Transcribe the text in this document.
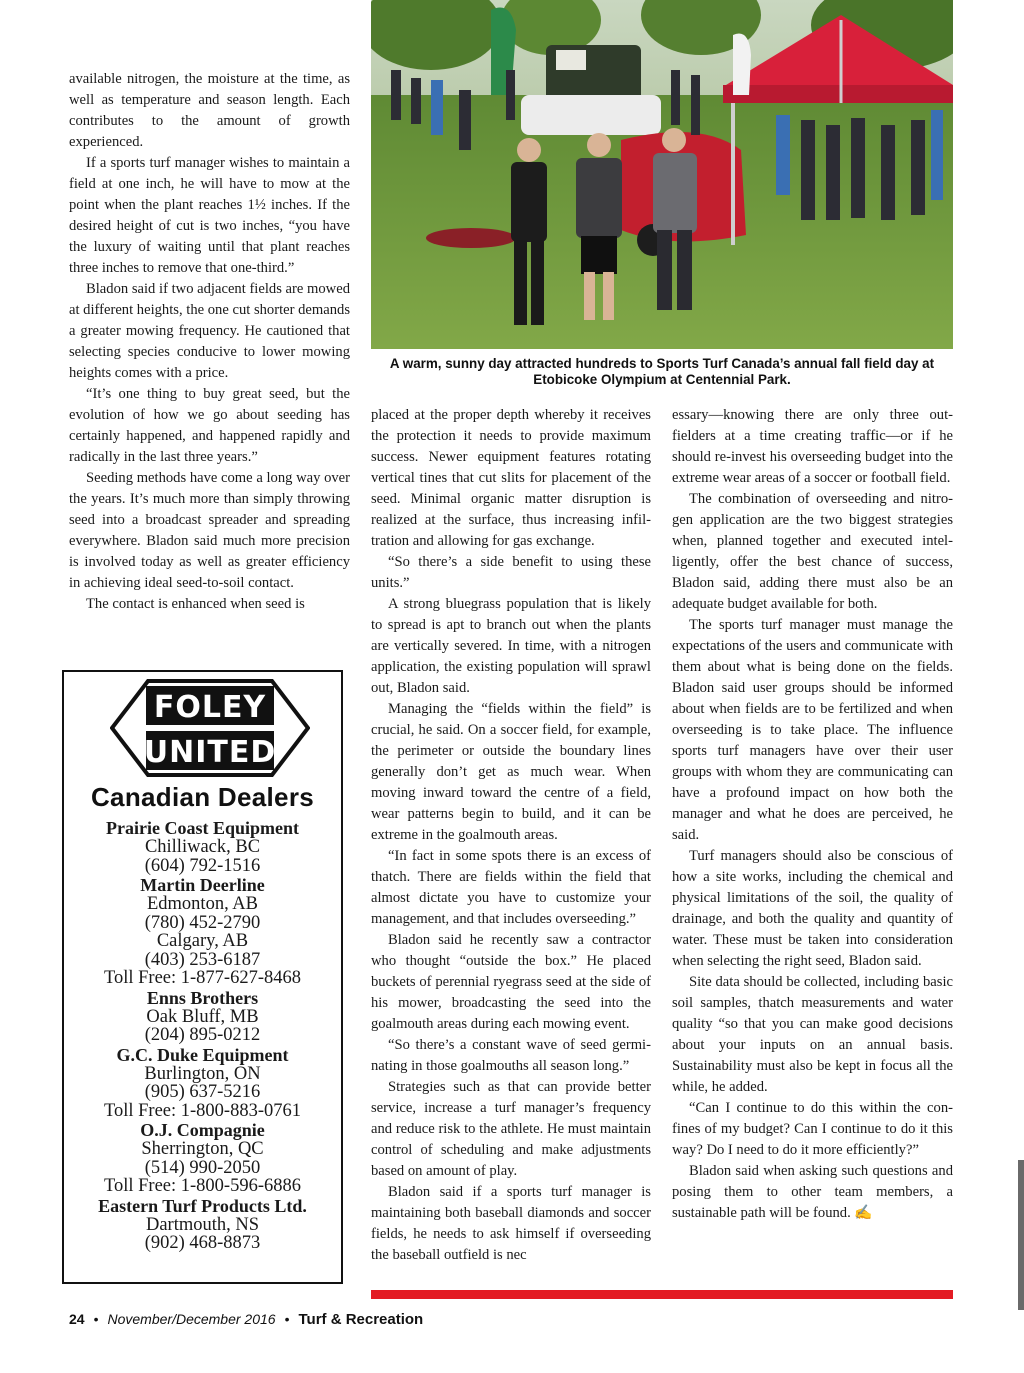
A warm, sunny day attracted hundreds to Sports Turf Canada’s annual fall field day at Etobicoke Olympium at Centennial Park.

available nitrogen, the moisture at the time, as well as temperature and season length. Each contributes to the amount of growth experienced.

If a sports turf manager wishes to maintain a field at one inch, he will have to mow at the point when the plant reaches 1½ inches. If the desired height of cut is two inches, “you have the luxury of waiting until that plant reaches three inches to remove that one-third.”

Bladon said if two adjacent fields are mowed at different heights, the one cut shorter demands a greater mowing frequency. He cautioned that selecting species conducive to lower mowing heights comes with a price.

“It’s one thing to buy great seed, but the evolution of how we go about seeding has certainly happened, and happened rapidly and radically in the last three years.”

Seeding methods have come a long way over the years. It’s much more than simply throwing seed into a broadcast spreader and spreading everywhere. Bladon said much more precision is involved today as well as greater efficiency in achieving ideal seed-to-soil contact.

The contact is enhanced when seed is

placed at the proper depth whereby it receives the protection it needs to provide maximum success. Newer equipment features rotating vertical tines that cut slits for placement of the seed. Minimal organic matter disruption is realized at the surface, thus increasing infiltration and allowing for gas exchange.

“So there’s a side benefit to using these units.”

A strong bluegrass population that is likely to spread is apt to branch out when the plants are vertically severed. In time, with a nitrogen application, the existing population will sprawl out, Bladon said.

Managing the “fields within the field” is crucial, he said. On a soccer field, for example, the perimeter or outside the boundary lines generally don’t get as much wear. When moving inward toward the centre of a field, wear patterns begin to build, and it can be extreme in the goalmouth areas.

“In fact in some spots there is an excess of thatch. There are fields within the field that almost dictate you have to customize your management, and that includes overseeding.”

Bladon said he recently saw a contractor who thought “outside the box.” He placed buckets of perennial ryegrass seed at the side of his mower, broadcasting the seed into the goalmouth areas during each mowing event.

“So there’s a constant wave of seed germinating in those goalmouths all season long.”

Strategies such as that can provide better service, increase a turf manager’s frequency and reduce risk to the athlete. He must maintain control of scheduling and make adjustments based on amount of play.

Bladon said if a sports turf manager is maintaining both baseball diamonds and soccer fields, he needs to ask himself if overseeding the baseball outfield is nec

essary—knowing there are only three outfielders at a time creating traffic—or if he should re-invest his overseeding budget into the extreme wear areas of a soccer or football field.

The combination of overseeding and nitrogen application are the two biggest strategies when, planned together and executed intelligently, offer the best chance of success, Bladon said, adding there must also be an adequate budget available for both.

The sports turf manager must manage the expectations of the users and communicate with them about what is being done on the fields. Bladon said user groups should be informed about when fields are to be fertilized and when overseeding is to take place. The influence sports turf managers have over their user groups with whom they are communicating can have a profound impact on how both the manager and what he does are perceived, he said.

Turf managers should also be conscious of how a site works, including the chemical and physical limitations of the soil, the quality of drainage, and both the quality and quantity of water. These must be taken into consideration when selecting the right seed, Bladon said.

Site data should be collected, including basic soil samples, thatch measurements and water quality “so that you can make good decisions about your inputs on an annual basis. Sustainability must also be kept in focus all the while, he added.

“Can I continue to do this within the confines of my budget? Can I continue to do it this way? Do I need to do it more efficiently?”

Bladon said when asking such questions and posing them to other team members, a sustainable path will be found. ✍

FOLEY
UNITED
Canadian Dealers
Prairie Coast Equipment
Chilliwack, BC
(604) 792-1516
Martin Deerline
Edmonton, AB
(780) 452-2790
Calgary, AB
(403) 253-6187
Toll Free: 1-877-627-8468
Enns Brothers
Oak Bluff, MB
(204) 895-0212
G.C. Duke Equipment
Burlington, ON
(905) 637-5216
Toll Free: 1-800-883-0761
O.J. Compagnie
Sherrington, QC
(514) 990-2050
Toll Free: 1-800-596-6886
Eastern Turf Products Ltd.
Dartmouth, NS
(902) 468-8873
24 • November/December 2016 • Turf & Recreation
